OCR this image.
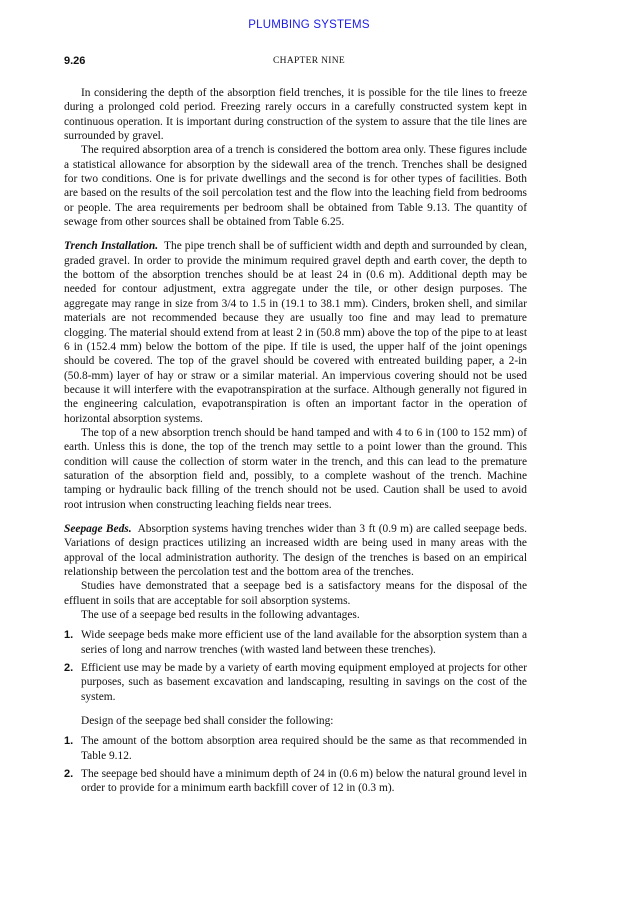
PLUMBING SYSTEMS
9.26	CHAPTER NINE

In considering the depth of the absorption field trenches, it is possible for the tile lines to freeze during a prolonged cold period. Freezing rarely occurs in a carefully constructed system kept in continuous operation. It is important during construction of the system to assure that the tile lines are surrounded by gravel.

The required absorption area of a trench is considered the bottom area only. These figures include a statistical allowance for absorption by the sidewall area of the trench. Trenches shall be designed for two conditions. One is for private dwellings and the second is for other types of facilities. Both are based on the results of the soil percolation test and the flow into the leaching field from bedrooms or people. The area requirements per bedroom shall be obtained from Table 9.13. The quantity of sewage from other sources shall be obtained from Table 6.25.

Trench Installation. The pipe trench shall be of sufficient width and depth and surrounded by clean, graded gravel. In order to provide the minimum required gravel depth and earth cover, the depth to the bottom of the absorption trenches should be at least 24 in (0.6 m). Additional depth may be needed for contour adjustment, extra aggregate under the tile, or other design purposes. The aggregate may range in size from 3/4 to 1.5 in (19.1 to 38.1 mm). Cinders, broken shell, and similar materials are not recommended because they are usually too fine and may lead to premature clogging. The material should extend from at least 2 in (50.8 mm) above the top of the pipe to at least 6 in (152.4 mm) below the bottom of the pipe. If tile is used, the upper half of the joint openings should be covered. The top of the gravel should be covered with entreated building paper, a 2-in (50.8-mm) layer of hay or straw or a similar material. An impervious covering should not be used because it will interfere with the evapotranspiration at the surface. Although generally not figured in the engineering calculation, evapotranspiration is often an important factor in the operation of horizontal absorption systems.

The top of a new absorption trench should be hand tamped and with 4 to 6 in (100 to 152 mm) of earth. Unless this is done, the top of the trench may settle to a point lower than the ground. This condition will cause the collection of storm water in the trench, and this can lead to the premature saturation of the absorption field and, possibly, to a complete washout of the trench. Machine tamping or hydraulic back filling of the trench should not be used. Caution shall be used to avoid root intrusion when constructing leaching fields near trees.

Seepage Beds. Absorption systems having trenches wider than 3 ft (0.9 m) are called seepage beds. Variations of design practices utilizing an increased width are being used in many areas with the approval of the local administration authority. The design of the trenches is based on an empirical relationship between the percolation test and the bottom area of the trenches.

Studies have demonstrated that a seepage bed is a satisfactory means for the disposal of the effluent in soils that are acceptable for soil absorption systems.

The use of a seepage bed results in the following advantages.

1. Wide seepage beds make more efficient use of the land available for the absorption system than a series of long and narrow trenches (with wasted land between these trenches).
2. Efficient use may be made by a variety of earth moving equipment employed at projects for other purposes, such as basement excavation and landscaping, resulting in savings on the cost of the system.

Design of the seepage bed shall consider the following:

1. The amount of the bottom absorption area required should be the same as that recommended in Table 9.12.
2. The seepage bed should have a minimum depth of 24 in (0.6 m) below the natural ground level in order to provide for a minimum earth backfill cover of 12 in (0.3 m).
